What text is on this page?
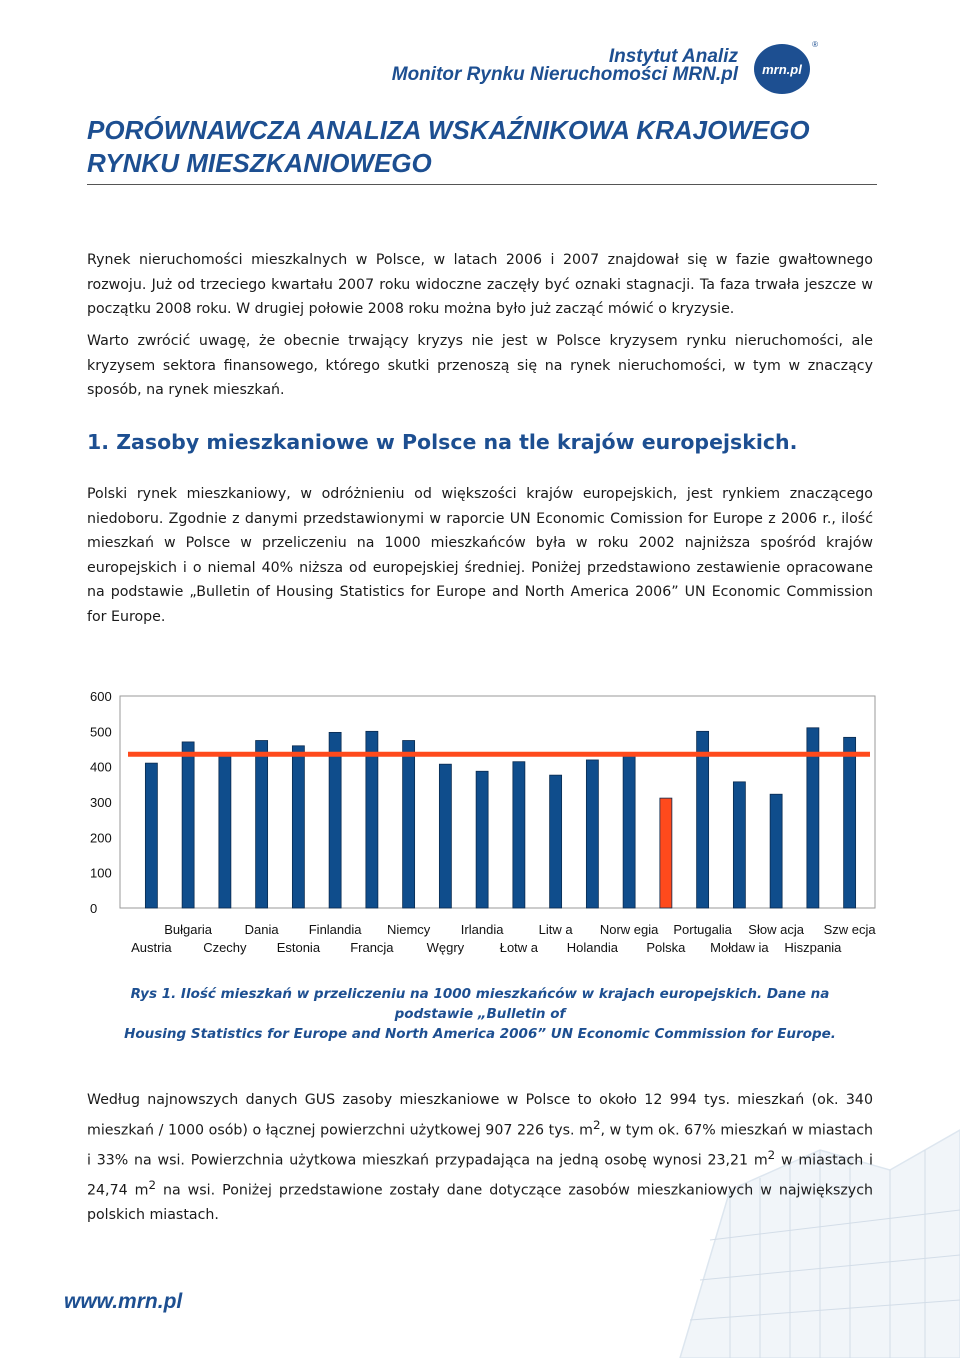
Instytut Analiz
Monitor Rynku Nieruchomości MRN.pl mrn.pl
®
PORÓWNAWCZA ANALIZA WSKAŹNIKOWA KRAJOWEGO
RYNKU MIESZKANIOWEGO

Rynek nieruchomości mieszkalnych w Polsce, w latach 2006 i 2007 znajdował się w fazie gwałtownego rozwoju. Już od trzeciego kwartału 2007 roku widoczne zaczęły być oznaki stagnacji. Ta faza trwała jeszcze w początku 2008 roku. W drugiej połowie 2008 roku można było już zacząć mówić o kryzysie.

Warto zwrócić uwagę, że obecnie trwający kryzys nie jest w Polsce kryzysem rynku nieruchomości, ale kryzysem sektora finansowego, którego skutki przenoszą się na rynek nieruchomości, w tym w znaczący sposób, na rynek mieszkań.

1. Zasoby mieszkaniowe w Polsce na tle krajów europejskich.

Polski rynek mieszkaniowy, w odróżnieniu od większości krajów europejskich, jest rynkiem znaczącego niedoboru. Zgodnie z danymi przedstawionymi w raporcie UN Economic Comission for Europe z 2006 r., ilość mieszkań w Polsce w przeliczeniu na 1000 mieszkańców była w roku 2002 najniższa spośród krajów europejskich i o niemal 40% niższa od europejskiej średniej. Poniżej przedstawiono zestawienie opracowane na podstawie „Bulletin of Housing Statistics for Europe and North America 2006” UN Economic Commission for Europe.

0
100
200
300
400
500
600
Austria
Bułgaria
Czechy
Dania
Estonia
Finlandia
Francja
Niemcy
Węgry
Irlandia
Łotw a
Litw a
Holandia
Norw egia
Polska
Portugalia
Mołdaw ia
Słow acja
Hiszpania
Szw ecja
Rys 1. Ilość mieszkań w przeliczeniu na 1000 mieszkańców w krajach europejskich. Dane na podstawie „Bulletin of
Housing Statistics for Europe and North America 2006” UN Economic Commission for Europe.

Według najnowszych danych GUS zasoby mieszkaniowe w Polsce to około 12 994 tys. mieszkań (ok. 340 mieszkań / 1000 osób) o łącznej powierzchni użytkowej 907 226 tys. $m^2$, w tym ok. 67% mieszkań w miastach i 33% na wsi. Powierzchnia użytkowa mieszkań przypadająca na jedną osobę wynosi 23,21 $m^2$ w miastach i 24,74 $m^2$ na wsi. Poniżej przedstawione zostały dane dotyczące zasobów mieszkaniowych w największych polskich miastach.

www.mrn.pl
